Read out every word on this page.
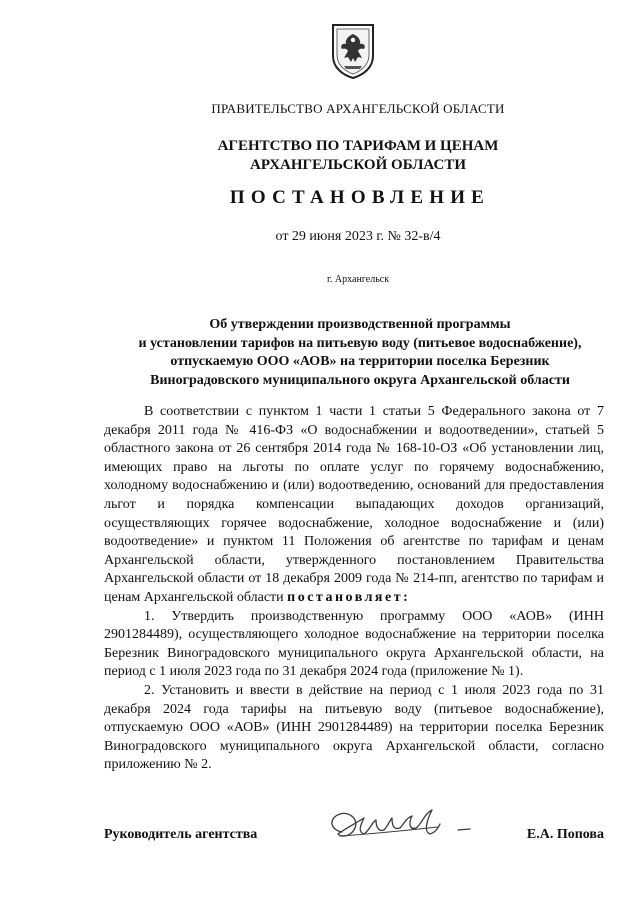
ПРАВИТЕЛЬСТВО АРХАНГЕЛЬСКОЙ ОБЛАСТИ
АГЕНТСТВО ПО ТАРИФАМ И ЦЕНАМ
АРХАНГЕЛЬСКОЙ ОБЛАСТИ
ПОСТАНОВЛЕНИЕ
от 29 июня 2023 г. № 32-в/4
г. Архангельск
Об утверждении производственной программы
и установлении тарифов на питьевую воду (питьевое водоснабжение),
отпускаемую ООО «АОВ» на территории поселка Березник
Виноградовского муниципального округа Архангельской области

В соответствии с пунктом 1 части 1 статьи 5 Федерального закона от 7 декабря 2011 года № 416-ФЗ «О водоснабжении и водоотведении», статьей 5 областного закона от 26 сентября 2014 года № 168-10-ОЗ «Об установлении лиц, имеющих право на льготы по оплате услуг по горячему водоснабжению, холодному водоснабжению и (или) водоотведению, оснований для предоставления льгот и порядка компенсации выпадающих доходов организаций, осуществляющих горячее водоснабжение, холодное водоснабжение и (или) водоотведение» и пунктом 11 Положения об агентстве по тарифам и ценам Архангельской области, утвержденного постановлением Правительства Архангельской области от 18 декабря 2009 года № 214-пп, агентство по тарифам и ценам Архангельской области постановляет:

1. Утвердить производственную программу ООО «АОВ» (ИНН 2901284489), осуществляющего холодное водоснабжение на территории поселка Березник Виноградовского муниципального округа Архангельской области, на период с 1 июля 2023 года по 31 декабря 2024 года (приложение № 1).

2. Установить и ввести в действие на период с 1 июля 2023 года по 31 декабря 2024 года тарифы на питьевую воду (питьевое водоснабжение), отпускаемую ООО «АОВ» (ИНН 2901284489) на территории поселка Березник Виноградовского муниципального округа Архангельской области, согласно приложению № 2.

Руководитель агентства	Е.А. Попова
